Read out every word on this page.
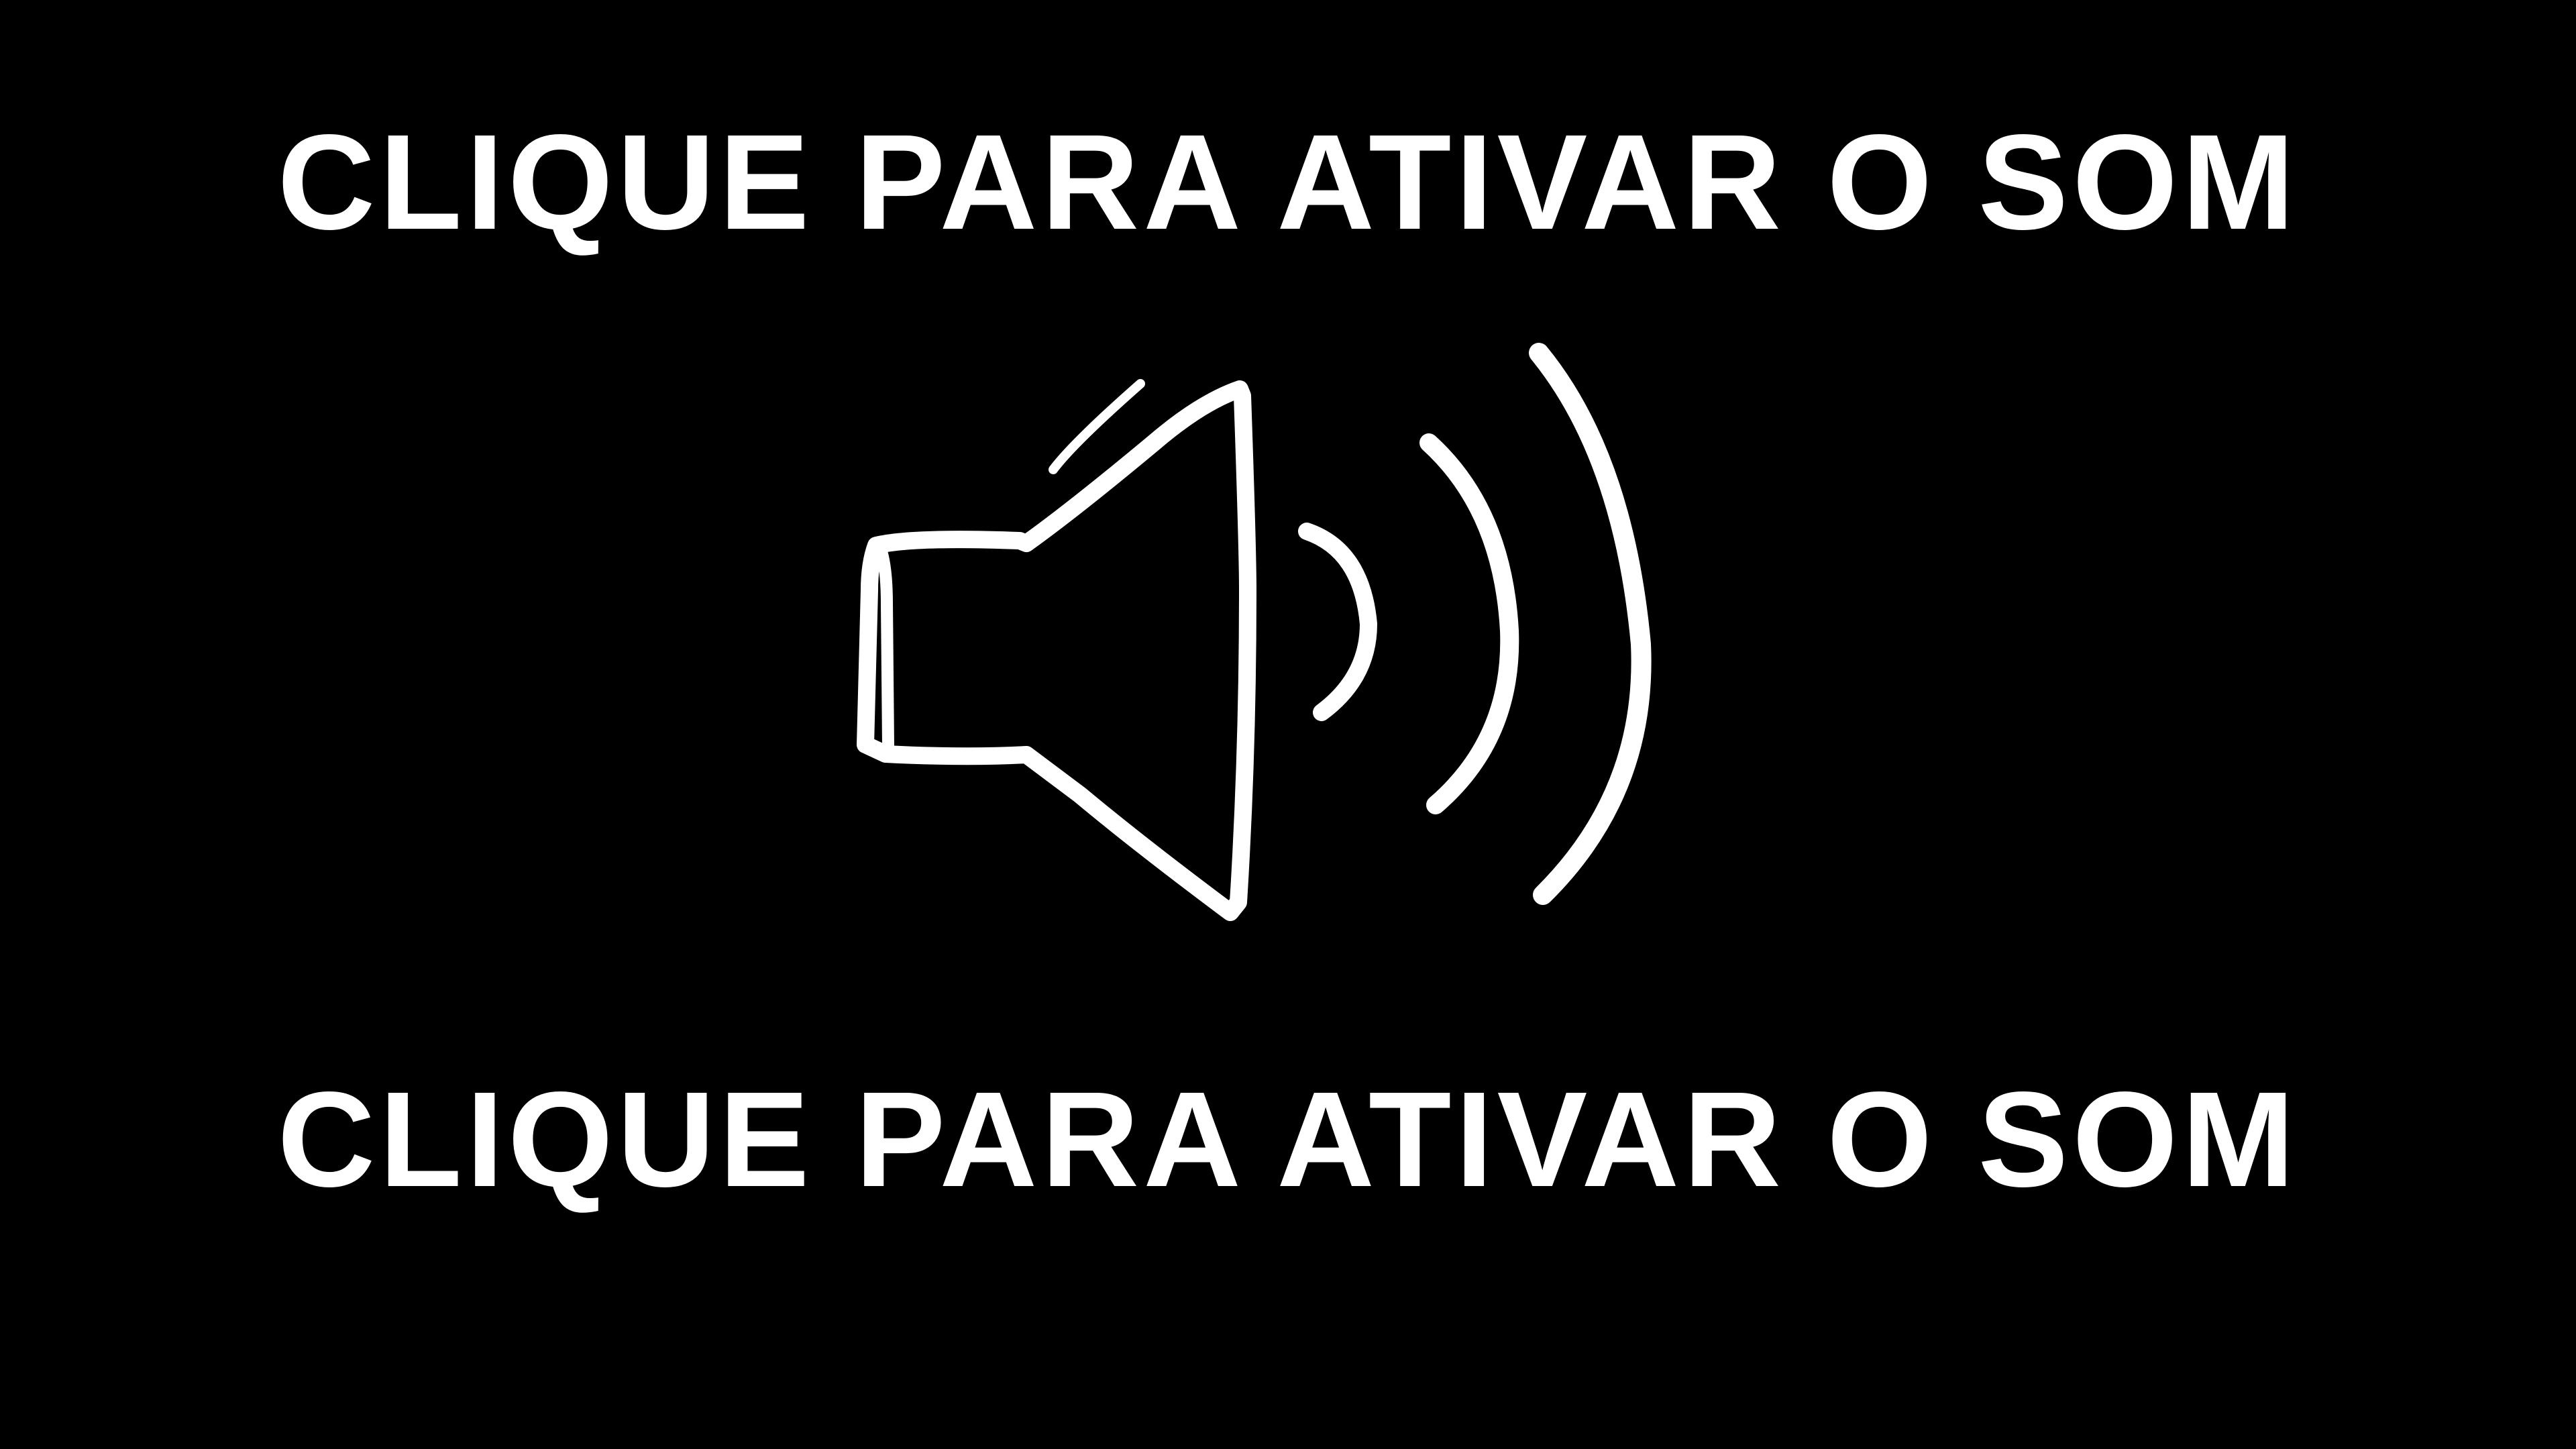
CLIQUE PARA ATIVAR O SOM
CLIQUE PARA ATIVAR O SOM
